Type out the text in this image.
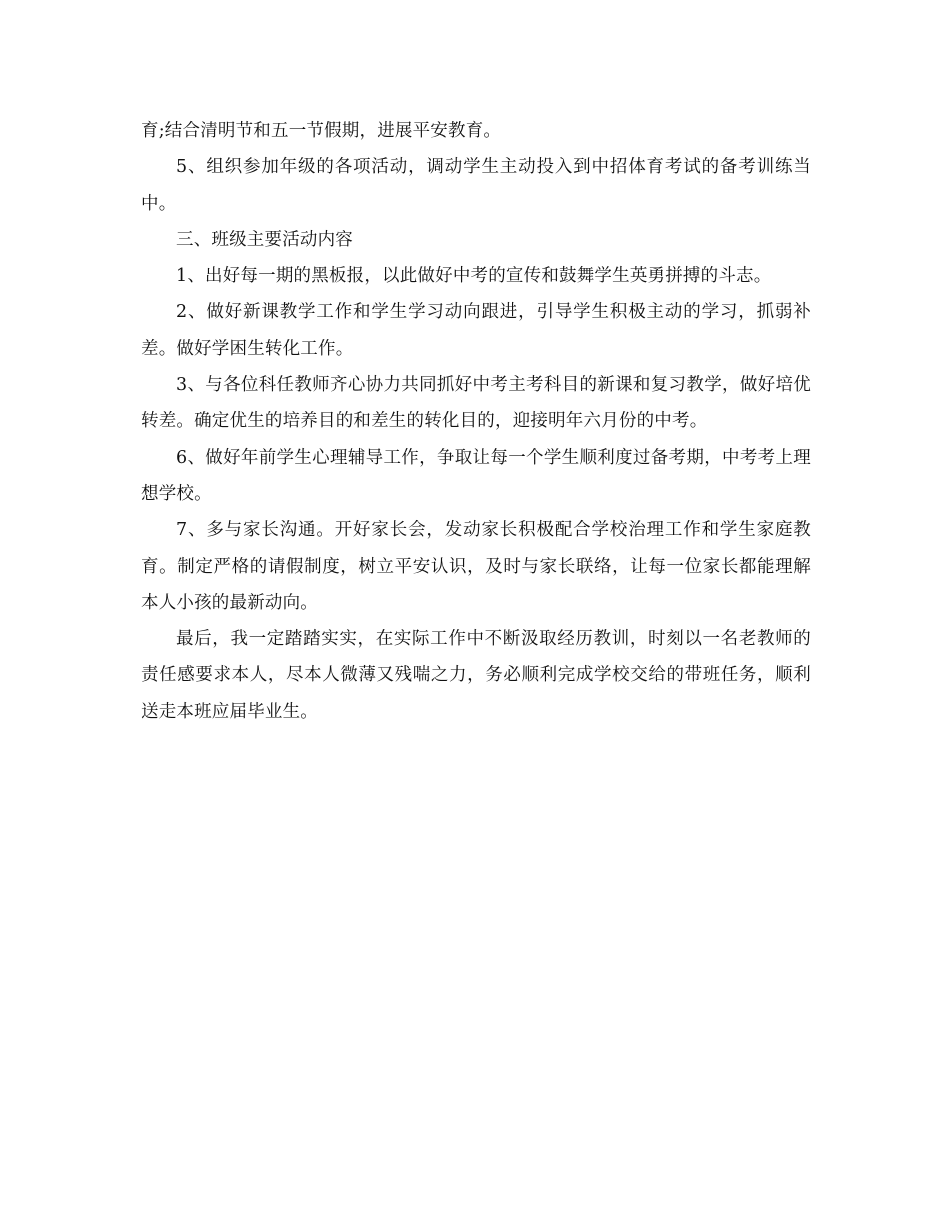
育;结合清明节和五一节假期，进展平安教育。

5、组织参加年级的各项活动，调动学生主动投入到中招体育考试的备考训练当中。

三、班级主要活动内容

1、出好每一期的黑板报，以此做好中考的宣传和鼓舞学生英勇拼搏的斗志。

2、做好新课教学工作和学生学习动向跟进，引导学生积极主动的学习，抓弱补差。做好学困生转化工作。

3、与各位科任教师齐心协力共同抓好中考主考科目的新课和复习教学，做好培优转差。确定优生的培养目的和差生的转化目的，迎接明年六月份的中考。

6、做好年前学生心理辅导工作，争取让每一个学生顺利度过备考期，中考考上理想学校。

7、多与家长沟通。开好家长会，发动家长积极配合学校治理工作和学生家庭教育。制定严格的请假制度，树立平安认识，及时与家长联络，让每一位家长都能理解本人小孩的最新动向。

最后，我一定踏踏实实，在实际工作中不断汲取经历教训，时刻以一名老教师的责任感要求本人，尽本人微薄又残喘之力，务必顺利完成学校交给的带班任务，顺利送走本班应届毕业生。
